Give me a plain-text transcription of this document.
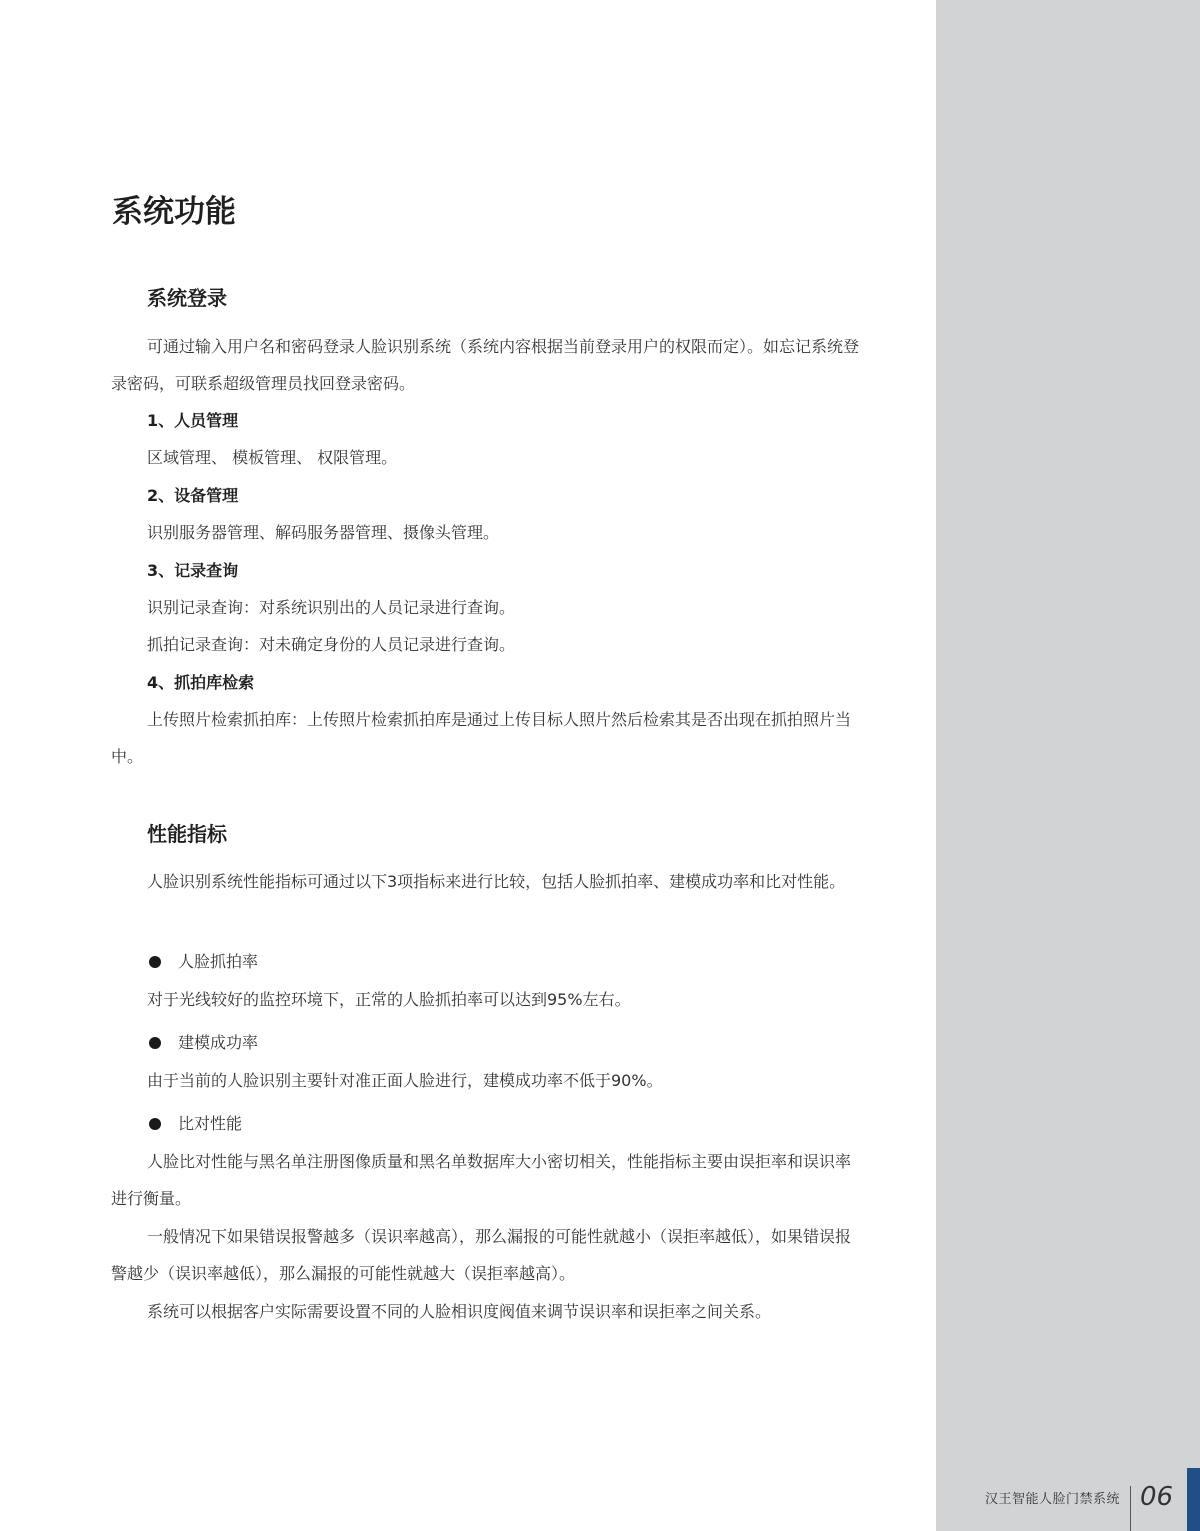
汉王智能人脸门禁系统 06
系统功能
系统登录

可通过输入用户名和密码登录人脸识别系统（系统内容根据当前登录用户的权限而定）。如忘记系统登录密码，可联系超级管理员找回登录密码。

1、人员管理

区域管理、 模板管理、 权限管理。

2、设备管理

识别服务器管理、解码服务器管理、摄像头管理。

3、记录查询

识别记录查询：对系统识别出的人员记录进行查询。

抓拍记录查询：对未确定身份的人员记录进行查询。

4、抓拍库检索

上传照片检索抓拍库：上传照片检索抓拍库是通过上传目标人照片然后检索其是否出现在抓拍照片当中。

性能指标

人脸识别系统性能指标可通过以下3项指标来进行比较，包括人脸抓拍率、建模成功率和比对性能。

人脸抓拍率

对于光线较好的监控环境下，正常的人脸抓拍率可以达到95%左右。

建模成功率

由于当前的人脸识别主要针对准正面人脸进行，建模成功率不低于90%。

比对性能

人脸比对性能与黑名单注册图像质量和黑名单数据库大小密切相关，性能指标主要由误拒率和误识率进行衡量。

一般情况下如果错误报警越多（误识率越高），那么漏报的可能性就越小（误拒率越低），如果错误报警越少（误识率越低），那么漏报的可能性就越大（误拒率越高）。

系统可以根据客户实际需要设置不同的人脸相识度阀值来调节误识率和误拒率之间关系。
